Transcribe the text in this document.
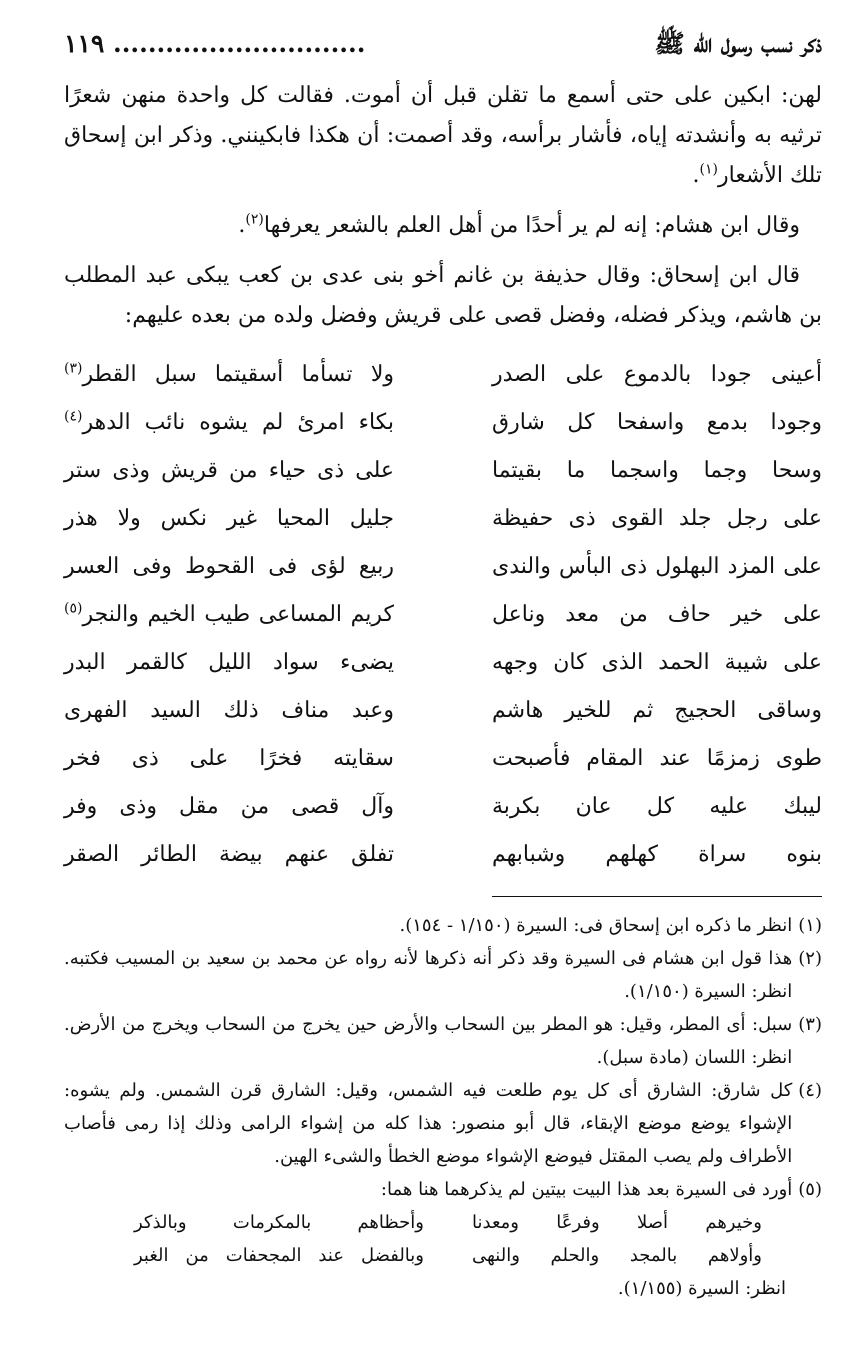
ذكر نسب رسول الله ﷺ
............................. ١١٩

لهن: ابكين على حتى أسمع ما تقلن قبل أن أموت. فقالت كل واحدة منهن شعرًا ترثيه به وأنشدته إياه، فأشار برأسه، وقد أصمت: أن هكذا فابكينني. وذكر ابن إسحاق تلك الأشعار$^{(١)}$.

وقال ابن هشام: إنه لم ير أحدًا من أهل العلم بالشعر يعرفها$^{(٢)}$.

قال ابن إسحاق: وقال حذيفة بن غانم أخو بنى عدى بن كعب يبكى عبد المطلب بن هاشم، ويذكر فضله، وفضل قصى على قريش وفضل ولده من بعده عليهم:

أعينى جودا بالدموع على الصدر
ولا تسأما أسقيتما سبل القطر$^{(٣)}$
وجودا بدمع واسفحا كل شارق
بكاء امرئ لم يشوه نائب الدهر$^{(٤)}$
وسحا وجما واسجما ما بقيتما
على ذى حياء من قريش وذى ستر
على رجل جلد القوى ذى حفيظة
جليل المحيا غير نكس ولا هذر
على المزد البهلول ذى البأس والندى
ربيع لؤى فى القحوط وفى العسر
على خير حاف من معد وناعل
كريم المساعى طيب الخيم والنجر$^{(٥)}$
على شيبة الحمد الذى كان وجهه
يضىء سواد الليل كالقمر البدر
وساقى الحجيج ثم للخير هاشم
وعبد مناف ذلك السيد الفهرى
طوى زمزمًا عند المقام فأصبحت
سقايته فخرًا على ذى فخر
ليبك عليه كل عان بكربة
وآل قصى من مقل وذى وفر
بنوه سراة كهلهم وشبابهم
تفلق عنهم بيضة الطائر الصقر
(١)
انظر ما ذكره ابن إسحاق فى: السيرة (١/١٥٠ - ١٥٤).
(٢)
هذا قول ابن هشام فى السيرة وقد ذكر أنه ذكرها لأنه رواه عن محمد بن سعيد بن المسيب فكتبه. انظر: السيرة (١/١٥٠).
(٣)
سبل: أى المطر، وقيل: هو المطر بين السحاب والأرض حين يخرج من السحاب ويخرج من الأرض. انظر: اللسان (مادة سبل).
(٤)
كل شارق: الشارق أى كل يوم طلعت فيه الشمس، وقيل: الشارق قرن الشمس. ولم يشوه: الإشواء يوضع موضع الإبقاء، قال أبو منصور: هذا كله من إشواء الرامى وذلك إذا رمى فأصاب الأطراف ولم يصب المقتل فيوضع الإشواء موضع الخطأ والشىء الهين.
(٥)
أورد فى السيرة بعد هذا البيت بيتين لم يذكرهما هنا هما:
وخيرهم أصلا وفرعًا ومعدنا
وأحظاهم بالمكرمات وبالذكر
وأولاهم بالمجد والحلم والنهى
وبالفضل عند المجحفات من الغبر
انظر: السيرة (١/١٥٥).
